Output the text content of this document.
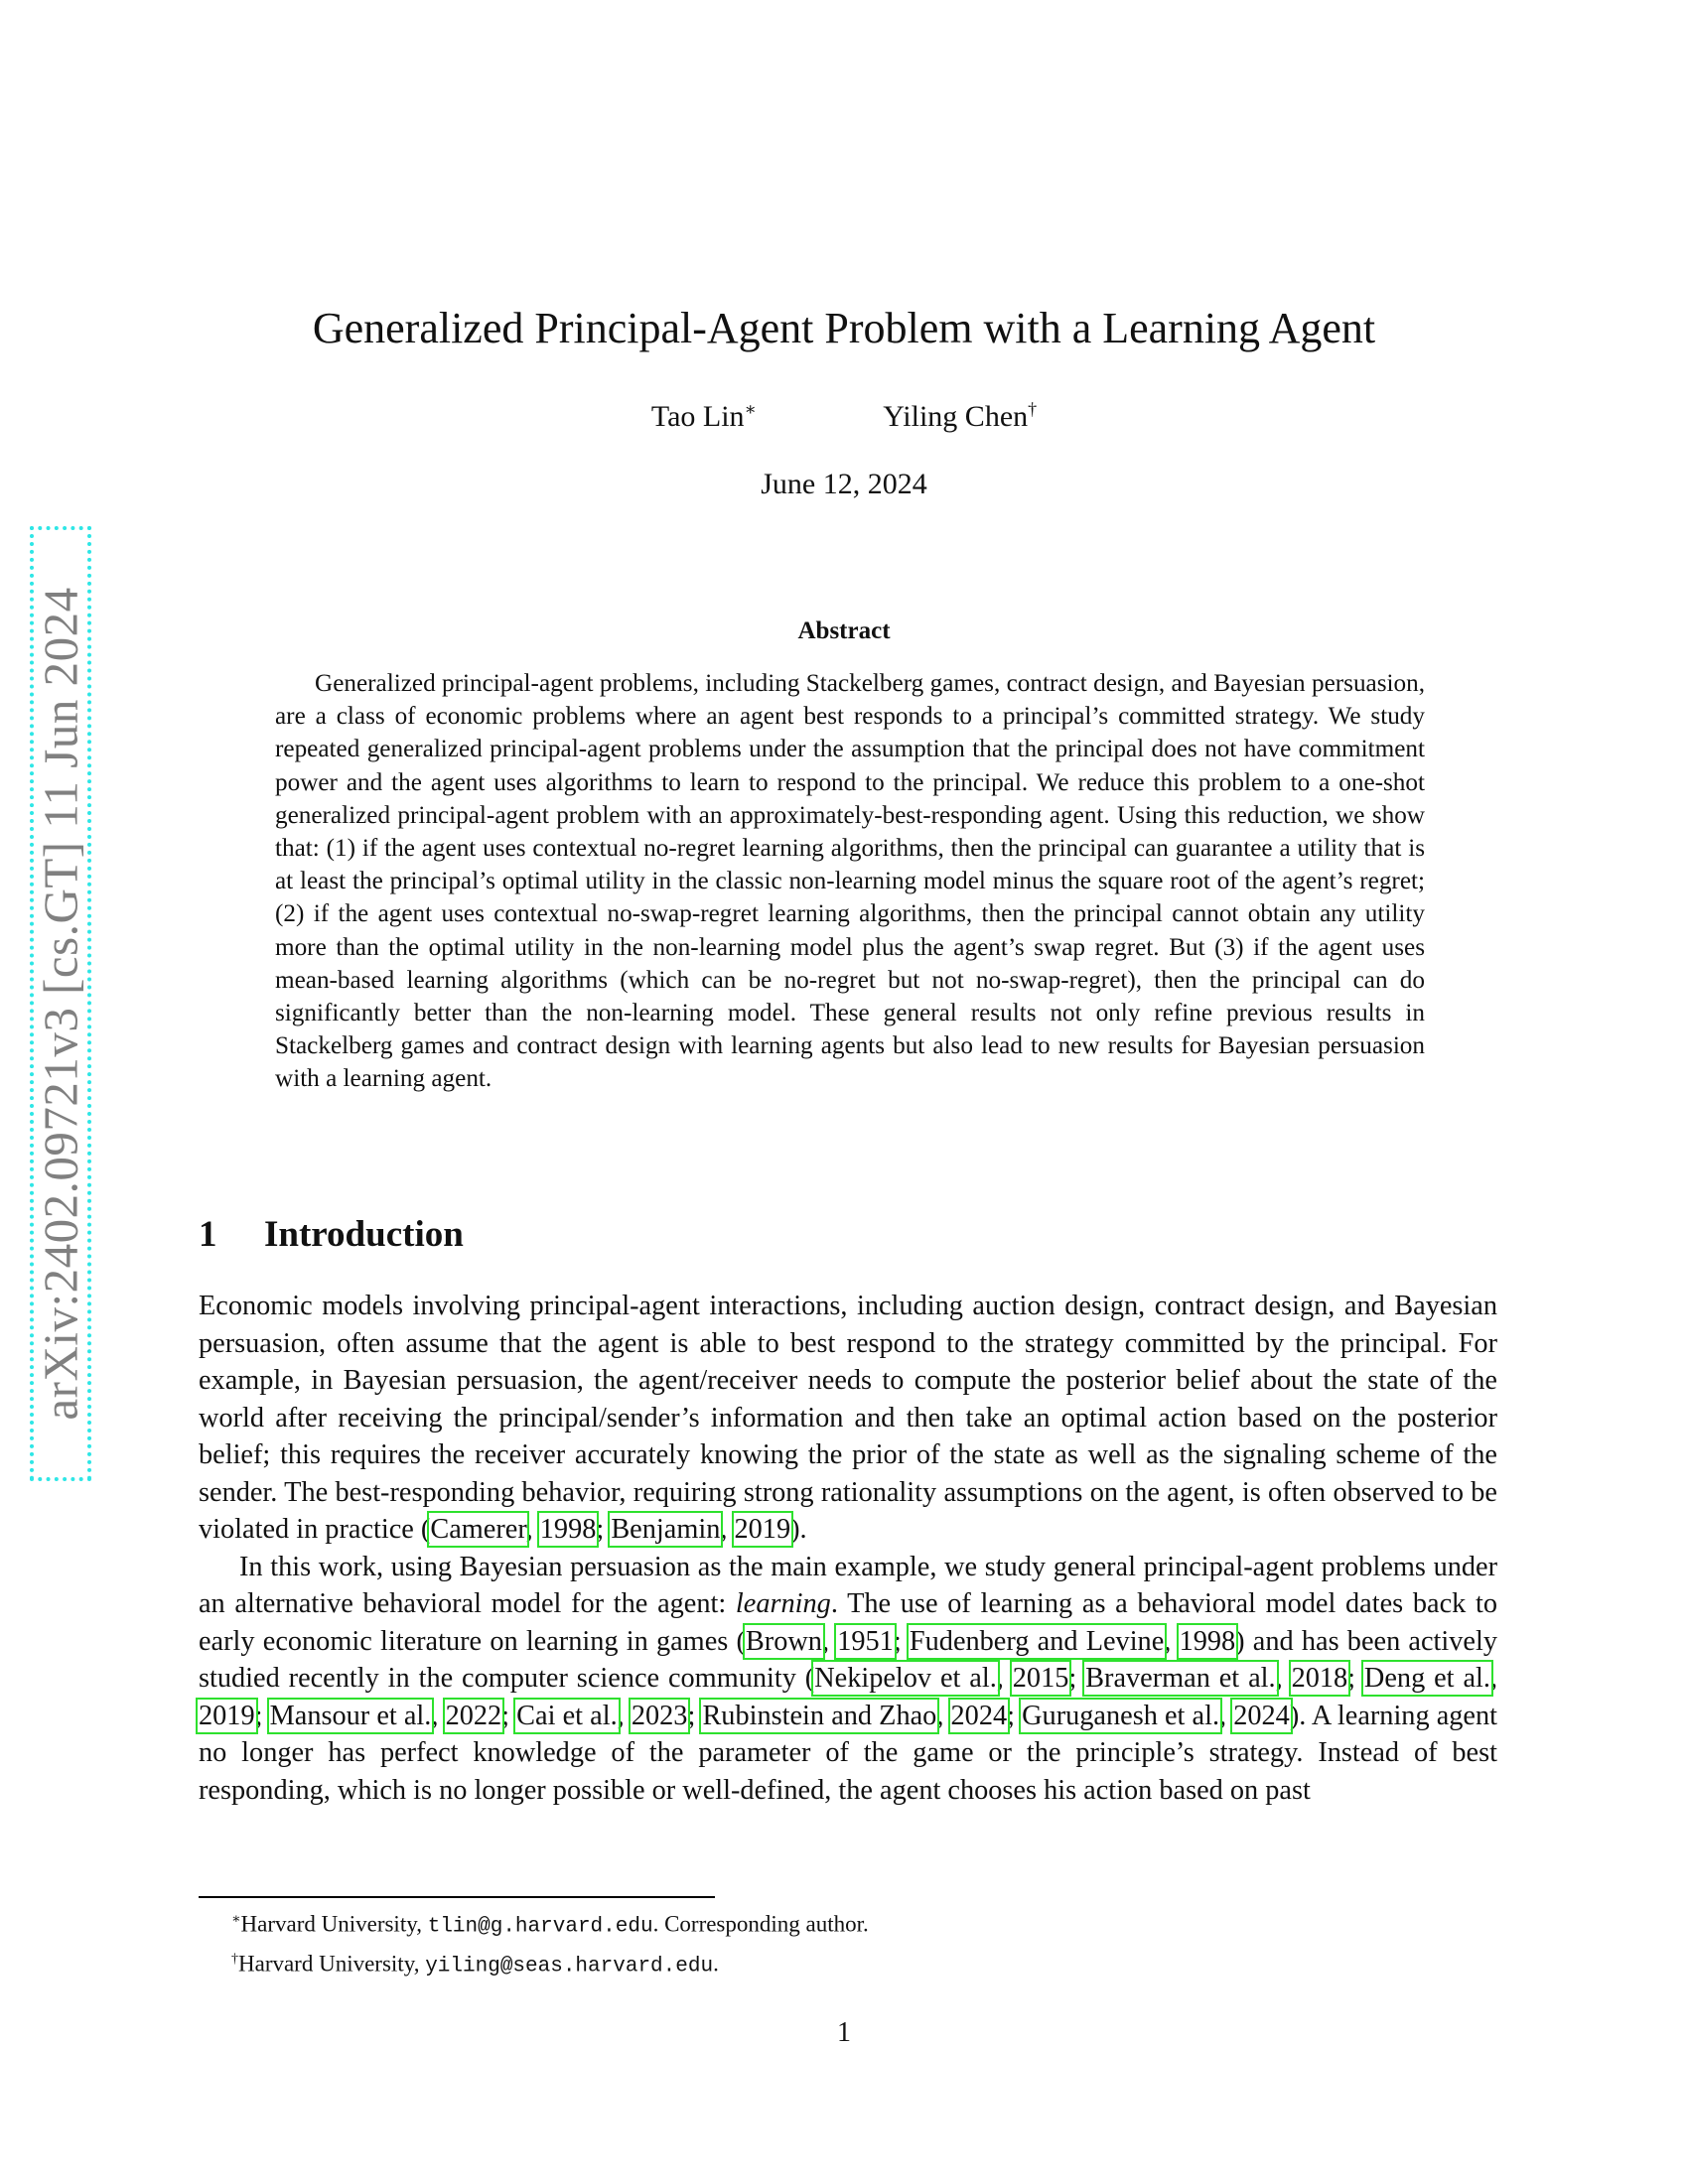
arXiv:2402.09721v3 [cs.GT] 11 Jun 2024
Generalized Principal-Agent Problem with a Learning Agent
Tao Lin∗	Yiling Chen†
June 12, 2024
Abstract
Generalized principal-agent problems, including Stackelberg games, contract design, and Bayesian persuasion, are a class of economic problems where an agent best responds to a principal’s committed strategy. We study repeated generalized principal-agent problems under the assumption that the principal does not have commitment power and the agent uses algorithms to learn to respond to the principal. We reduce this problem to a one-shot generalized principal-agent problem with an approximately-best-responding agent. Using this reduction, we show that: (1) if the agent uses contextual no-regret learning algorithms, then the principal can guarantee a utility that is at least the principal’s optimal utility in the classic non-learning model minus the square root of the agent’s regret; (2) if the agent uses contextual no-swap-regret learning algorithms, then the principal cannot obtain any utility more than the optimal utility in the non-learning model plus the agent’s swap regret. But (3) if the agent uses mean-based learning algorithms (which can be no-regret but not no-swap-regret), then the principal can do significantly better than the non-learning model. These general results not only refine previous results in Stackelberg games and contract design with learning agents but also lead to new results for Bayesian persuasion with a learning agent.
1 Introduction

Economic models involving principal-agent interactions, including auction design, contract design, and Bayesian persuasion, often assume that the agent is able to best respond to the strategy committed by the principal. For example, in Bayesian persuasion, the agent/receiver needs to compute the posterior belief about the state of the world after receiving the principal/sender’s information and then take an optimal action based on the posterior belief; this requires the receiver accurately knowing the prior of the state as well as the signaling scheme of the sender. The best-responding behavior, requiring strong rationality assumptions on the agent, is often observed to be violated in practice (Camerer, 1998; Benjamin, 2019).

In this work, using Bayesian persuasion as the main example, we study general principal-agent problems under an alternative behavioral model for the agent: learning. The use of learning as a behavioral model dates back to early economic literature on learning in games (Brown, 1951; Fudenberg and Levine, 1998) and has been actively studied recently in the computer science community (Nekipelov et al., 2015; Braverman et al., 2018; Deng et al., 2019; Mansour et al., 2022; Cai et al., 2023; Rubinstein and Zhao, 2024; Guruganesh et al., 2024). A learning agent no longer has perfect knowledge of the parameter of the game or the principle’s strategy. Instead of best responding, which is no longer possible or well-defined, the agent chooses his action based on past

∗Harvard University, tlin@g.harvard.edu. Corresponding author.
†Harvard University, yiling@seas.harvard.edu.
1
